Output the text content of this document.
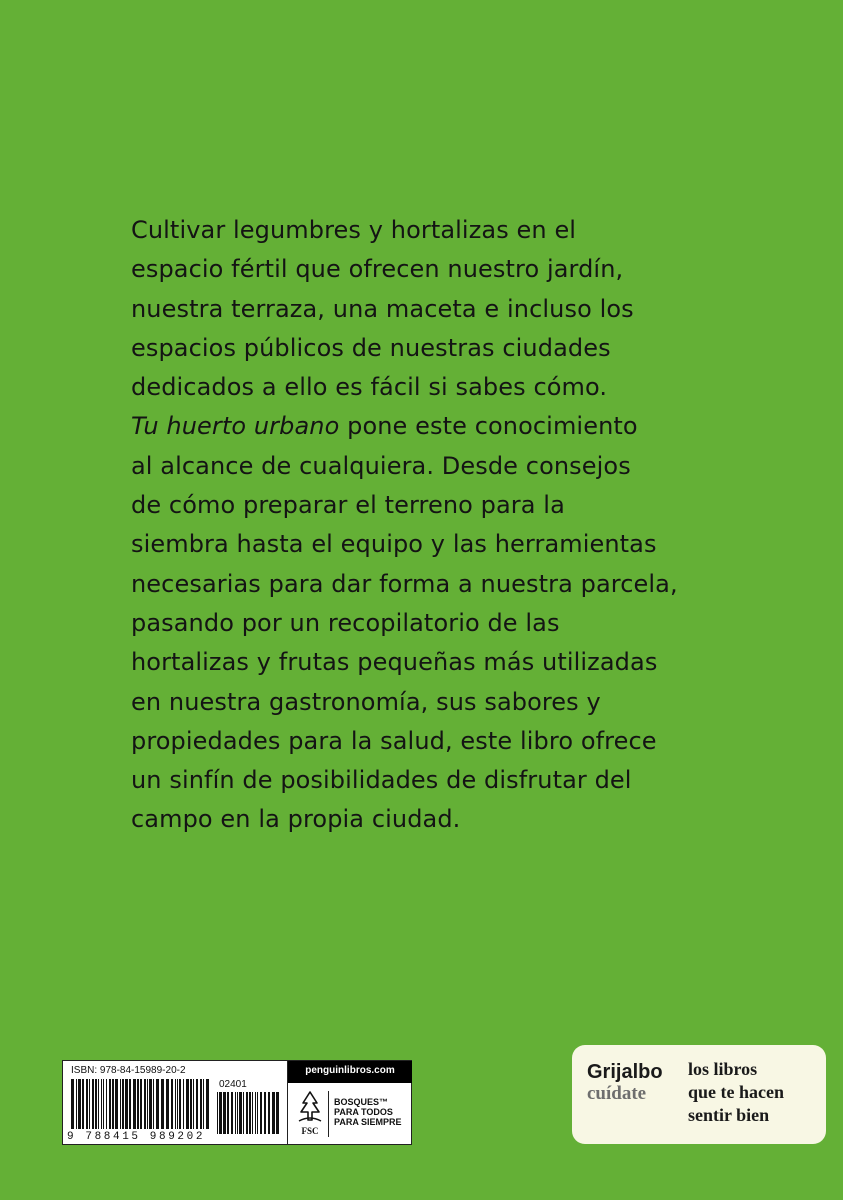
Cultivar legumbres y hortalizas en el
espacio fértil que ofrecen nuestro jardín,
nuestra terraza, una maceta e incluso los
espacios públicos de nuestras ciudades
dedicados a ello es fácil si sabes cómo.
Tu huerto urbano pone este conocimiento
al alcance de cualquiera. Desde consejos
de cómo preparar el terreno para la
siembra hasta el equipo y las herramientas
necesarias para dar forma a nuestra parcela,
pasando por un recopilatorio de las
hortalizas y frutas pequeñas más utilizadas
en nuestra gastronomía, sus sabores y
propiedades para la salud, este libro ofrece
un sinfín de posibilidades de disfrutar del
campo en la propia ciudad.
ISBN: 978-84-15989-20-2
9 788415 989202
02401
penguinlibros.com
FSC
BOSQUES™
PARA TODOS
PARA SIEMPRE
Grijalbo
cuídate
los libros
que te hacen
sentir bien
